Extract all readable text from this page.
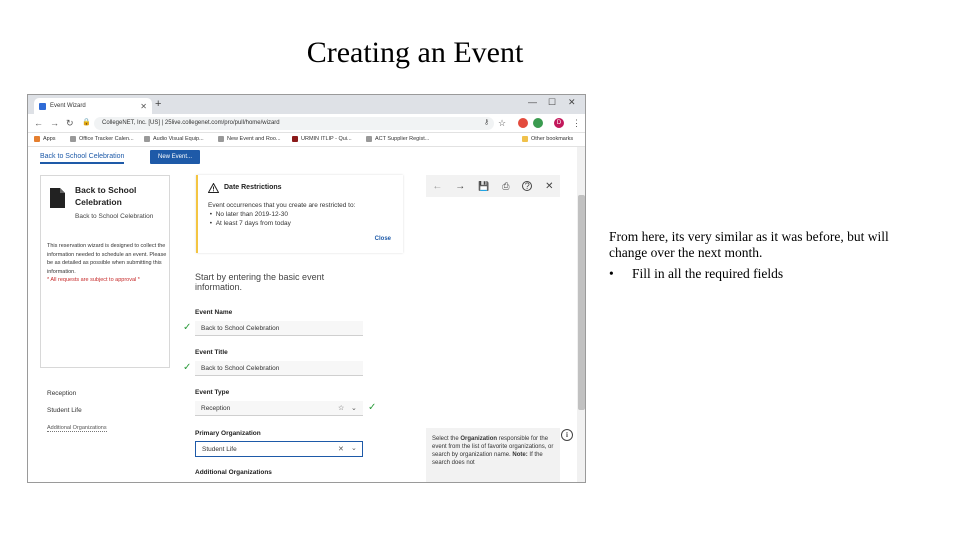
Creating an Event
Event Wizard	✕ +	— ☐ ✕
← → ↻ 🔒	CollegeNET, Inc. [US] | 25live.collegenet.com/pro/pull/home/wizard	⚷ ☆	D	⋮
Apps	Office Tracker Calen...	Audio Visual Equip...	New Event and Roo...	URMIN ITLIP - Qui...	ACT Supplier Regist...	Other bookmarks
Back to School Celebration	New Event...
Back to School Celebration
Back to School Celebration
This reservation wizard is designed to collect the information needed to schedule an event. Please be as detailed as possible when submitting this information.
* All requests are subject to approval *
Reception
Student Life
Additional Organizations
Date Restrictions
Event occurrences that you create are restricted to:
•  No later than 2019-12-30
•  At least 7 days from today
Close
← → 💾 ⎙ ? ✕
Start by entering the basic event information.
Event Name
✓	Back to School Celebration
Event Title
✓	Back to School Celebration
Event Type
Reception	☆ ⌄ ✓
Primary Organization
Student Life	✕ ⌄
Additional Organizations
Select the Organization responsible for the event from the list of favorite organizations, or search by organization name. Note: If the search does not
i
From here, its very similar as it was before, but will change over the next month.
• Fill in all the required fields
